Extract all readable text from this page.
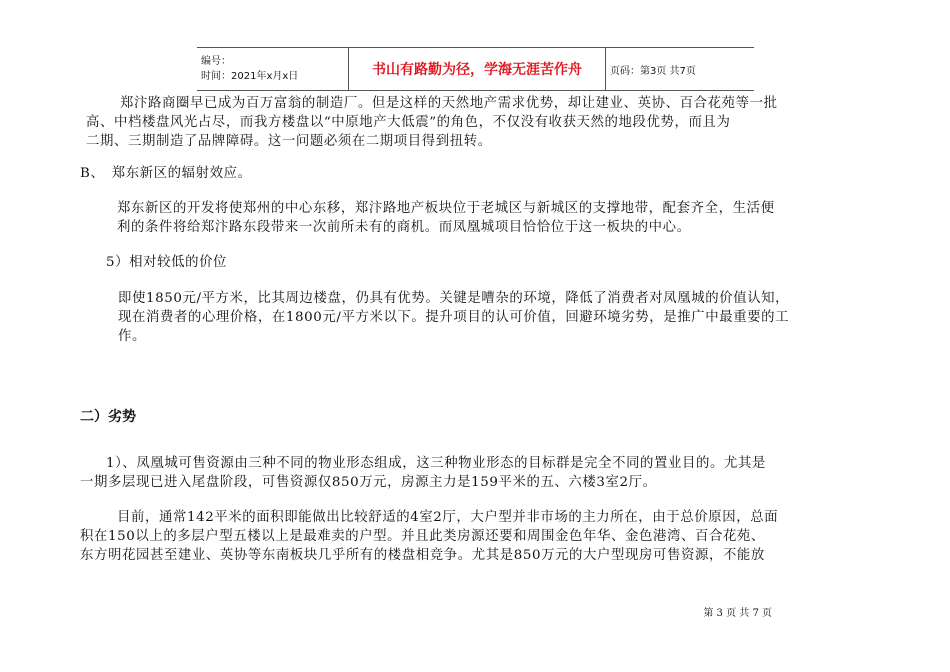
编号：
时间：2021年x月x日	书山有路勤为径，学海无涯苦作舟	页码：第3页 共7页

郑汴路商圈早已成为百万富翁的制造厂。但是这样的天然地产需求优势，却让建业、英协、百合花苑等一批

高、中档楼盘风光占尽，而我方楼盘以“中原地产大低震”的角色，不仅没有收获天然的地段优势，而且为

二期、三期制造了品牌障碍。这一问题必须在二期项目得到扭转。

B、　郑东新区的辐射效应。

郑东新区的开发将使郑州的中心东移，郑汴路地产板块位于老城区与新城区的支撑地带，配套齐全，生活便

利的条件将给郑汴路东段带来一次前所未有的商机。而凤凰城项目恰恰位于这一板块的中心。

5）相对较低的价位

即使1850元/平方米，比其周边楼盘，仍具有优势。关键是嘈杂的环境，降低了消费者对凤凰城的价值认知，

现在消费者的心理价格，在1800元/平方米以下。提升项目的认可价值，回避环境劣势，是推广中最重要的工

作。

二）劣势

1）、凤凰城可售资源由三种不同的物业形态组成，这三种物业形态的目标群是完全不同的置业目的。尤其是

一期多层现已进入尾盘阶段，可售资源仅850万元，房源主力是159平米的五、六楼3室2厅。

目前，通常142平米的面积即能做出比较舒适的4室2厅，大户型并非市场的主力所在，由于总价原因，总面

积在150以上的多层户型五楼以上是最难卖的户型。并且此类房源还要和周围金色年华、金色港湾、百合花苑、

东方明花园甚至建业、英协等东南板块几乎所有的楼盘相竞争。尤其是850万元的大户型现房可售资源，不能放

第 3 页 共 7 页
